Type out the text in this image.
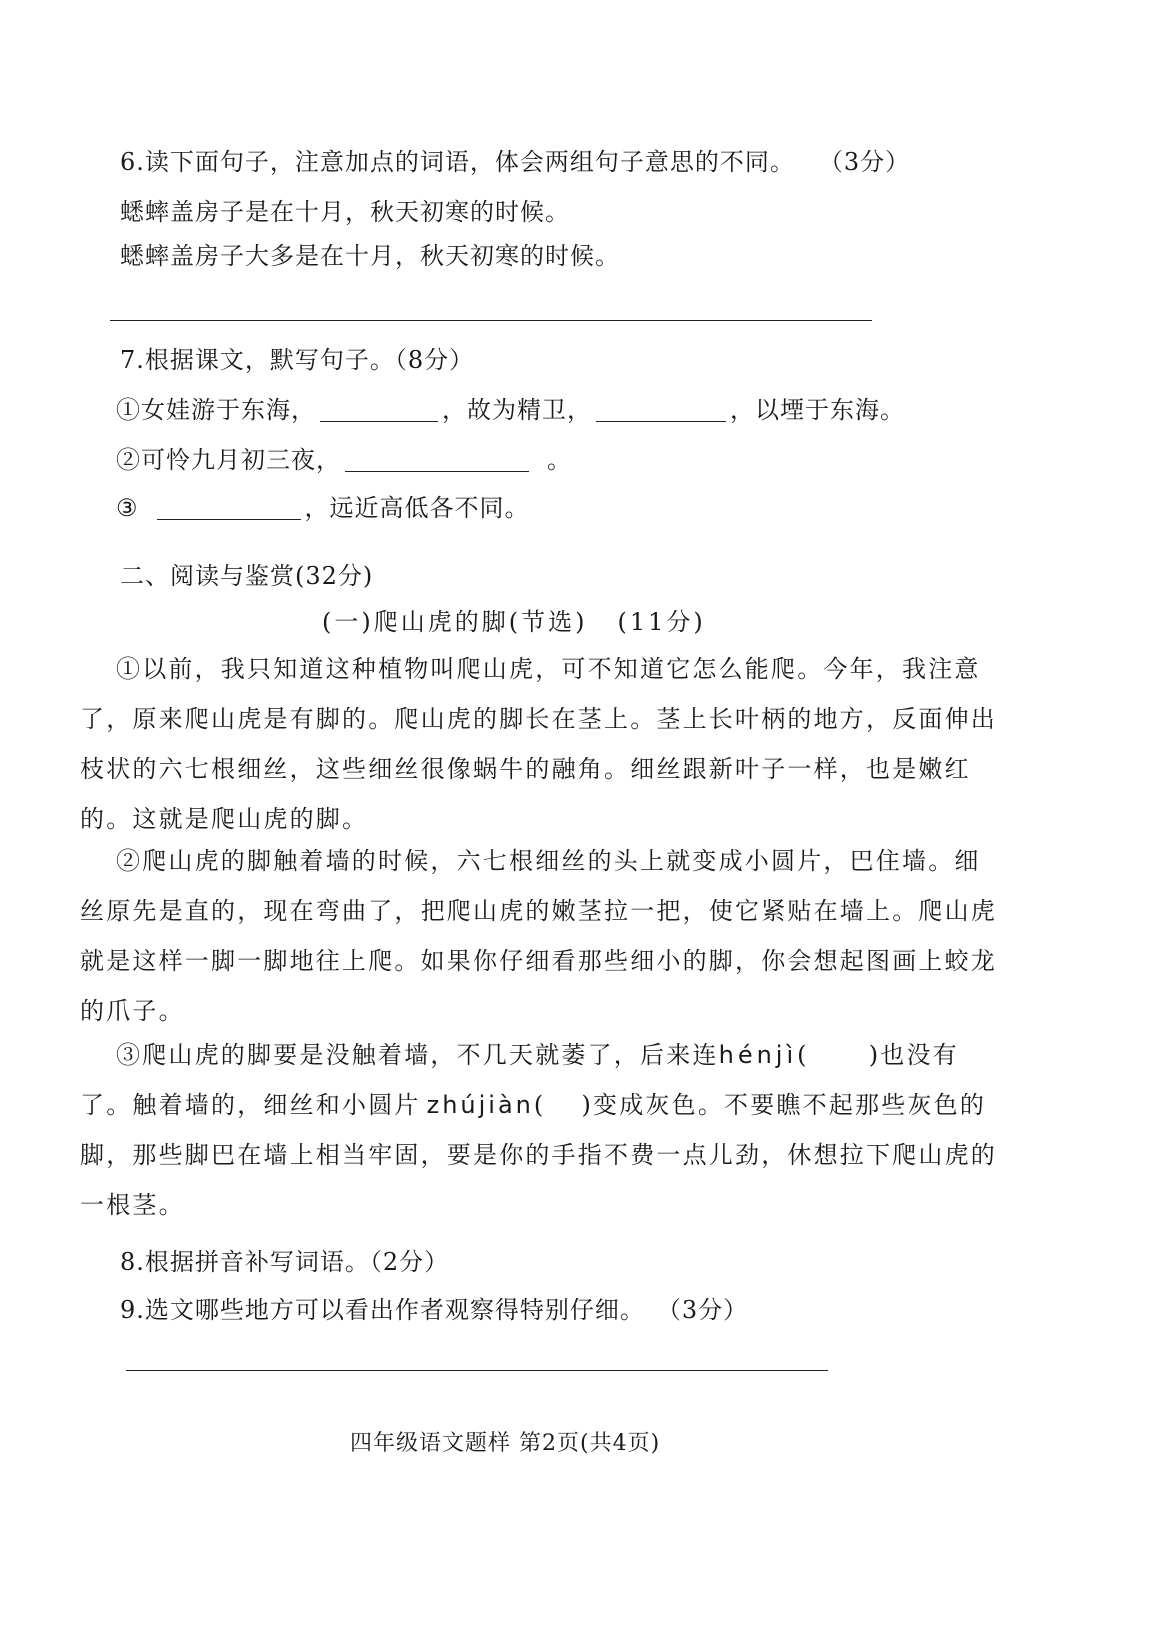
6.读下面句子，注意加点的词语，体会两组句子意思的不同。 （3分）
蟋蟀盖房子是在十月，秋天初寒的时候。
蟋蟀盖房子大多是在十月，秋天初寒的时候。
7.根据课文，默写句子。（8分）
①女娃游于东海，	，故为精卫，	，以堙于东海。
②可怜九月初三夜，	。
③	，远近高低各不同。
二、阅读与鉴赏(32分)
(一)爬山虎的脚(节选) (11分)
①以前，我只知道这种植物叫爬山虎，可不知道它怎么能爬。今年，我注意
了，原来爬山虎是有脚的。爬山虎的脚长在茎上。茎上长叶柄的地方，反面伸出
枝状的六七根细丝，这些细丝很像蜗牛的融角。细丝跟新叶子一样，也是嫩红
的。这就是爬山虎的脚。
②爬山虎的脚触着墙的时候，六七根细丝的头上就变成小圆片，巴住墙。细
丝原先是直的，现在弯曲了，把爬山虎的嫩茎拉一把，使它紧贴在墙上。爬山虎
就是这样一脚一脚地往上爬。如果你仔细看那些细小的脚，你会想起图画上蛟龙
的爪子。
③爬山虎的脚要是没触着墙，不几天就萎了，后来连hénjì(	)也没有
了。触着墙的，细丝和小圆片 zhújiàn( )变成灰色。不要瞧不起那些灰色的
脚，那些脚巴在墙上相当牢固，要是你的手指不费一点儿劲，休想拉下爬山虎的
一根茎。
8.根据拼音补写词语。（2分）
9.选文哪些地方可以看出作者观察得特别仔细。 （3分）
四年级语文题样 第2页(共4页)
